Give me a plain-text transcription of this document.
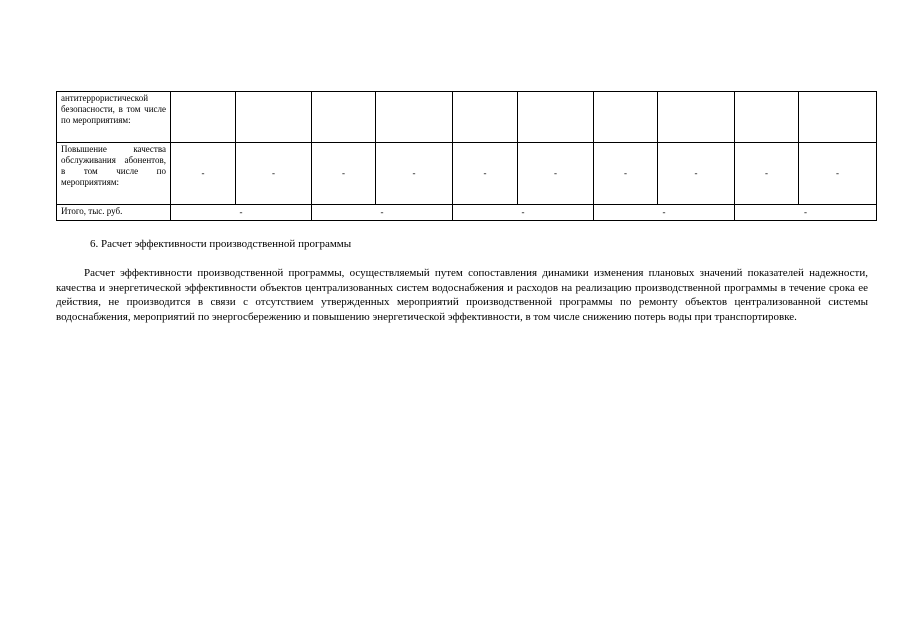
антитеррористической безопасности, в том числе по мероприятиям:										
Повышение качества обслуживания абонентов, в том числе по мероприятиям:	-	-	-	-	-	-	-	-	-	-
Итого, тыс. руб.	-		-		-		-		-	
6. Расчет эффективности производственной программы

Расчет эффективности производственной программы, осуществляемый путем сопоставления динамики изменения плановых значений показателей надежности, качества и энергетической эффективности объектов централизованных систем водоснабжения и расходов на реализацию производственной программы в течение срока ее действия, не производится в связи с отсутствием утвержденных мероприятий производственной программы по ремонту объектов централизованной системы водоснабжения, мероприятий по энергосбережению и повышению энергетической эффективности, в том числе снижению потерь воды при транспортировке.
